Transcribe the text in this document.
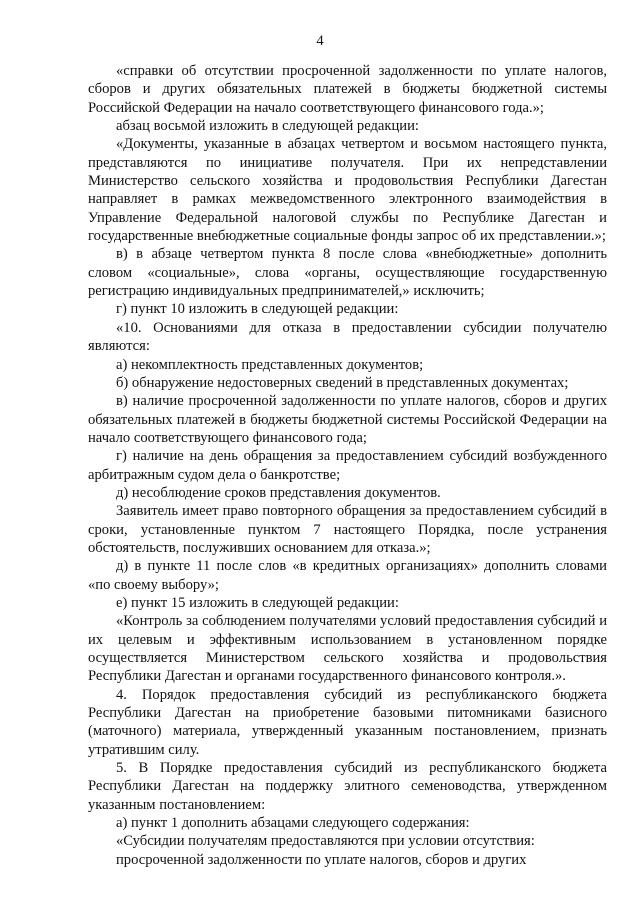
4

«справки об отсутствии просроченной задолженности по уплате налогов, сборов и других обязательных платежей в бюджеты бюджетной системы Российской Федерации на начало соответствующего финансового года.»;

абзац восьмой изложить в следующей редакции:

«Документы, указанные в абзацах четвертом и восьмом настоящего пункта, представляются по инициативе получателя. При их непредставлении Министерство сельского хозяйства и продовольствия Республики Дагестан направляет в рамках межведомственного электронного взаимодействия в Управление Федеральной налоговой службы по Республике Дагестан и государственные внебюджетные социальные фонды запрос об их представлении.»;

в) в абзаце четвертом пункта 8 после слова «внебюджетные» дополнить словом «социальные», слова «органы, осуществляющие государственную регистрацию индивидуальных предпринимателей,» исключить;

г) пункт 10 изложить в следующей редакции:

«10. Основаниями для отказа в предоставлении субсидии получателю являются:

а) некомплектность представленных документов;

б) обнаружение недостоверных сведений в представленных документах;

в) наличие просроченной задолженности по уплате налогов, сборов и других обязательных платежей в бюджеты бюджетной системы Российской Федерации на начало соответствующего финансового года;

г) наличие на день обращения за предоставлением субсидий возбужденного арбитражным судом дела о банкротстве;

д) несоблюдение сроков представления документов.

Заявитель имеет право повторного обращения за предоставлением субсидий в сроки, установленные пунктом 7 настоящего Порядка, после устранения обстоятельств, послуживших основанием для отказа.»;

д) в пункте 11 после слов «в кредитных организациях» дополнить словами «по своему выбору»;

е) пункт 15 изложить в следующей редакции:

«Контроль за соблюдением получателями условий предоставления субсидий и их целевым и эффективным использованием в установленном порядке осуществляется Министерством сельского хозяйства и продовольствия Республики Дагестан и органами государственного финансового контроля.».

4. Порядок предоставления субсидий из республиканского бюджета Республики Дагестан на приобретение базовыми питомниками базисного (маточного) материала, утвержденный указанным постановлением, признать утратившим силу.

5. В Порядке предоставления субсидий из республиканского бюджета Республики Дагестан на поддержку элитного семеноводства, утвержденном указанным постановлением:

а) пункт 1 дополнить абзацами следующего содержания:

«Субсидии получателям предоставляются при условии отсутствия:

просроченной задолженности по уплате налогов, сборов и других
